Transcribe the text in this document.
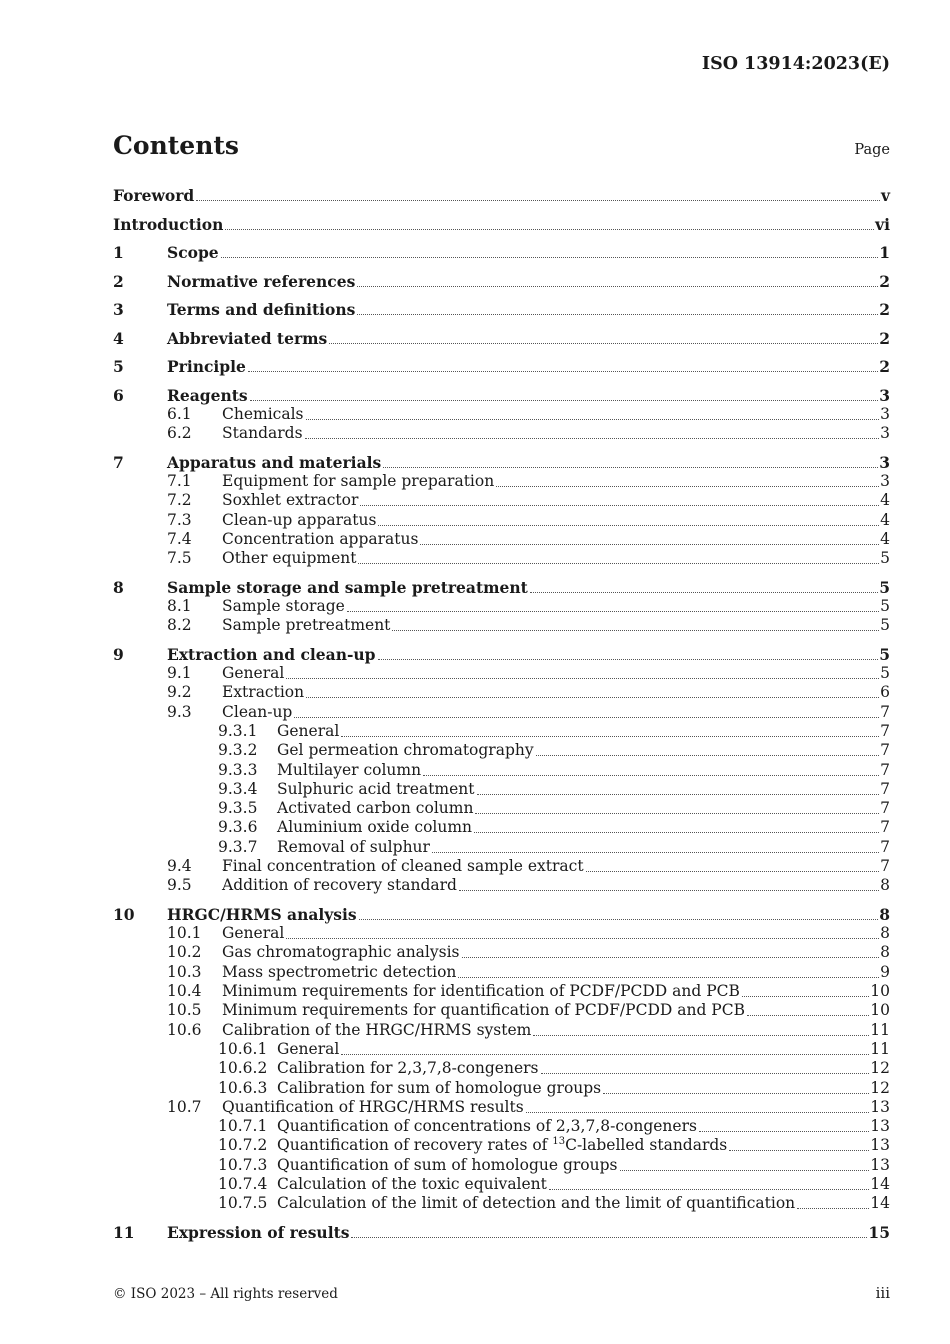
ISO 13914:2023(E)
Contents	Page
Foreword	v
Introduction	vi
1	Scope	1
2	Normative references	2
3	Terms and definitions	2
4	Abbreviated terms	2
5	Principle	2
6	Reagents	3
6.1	Chemicals	3
6.2	Standards	3
7	Apparatus and materials	3
7.1	Equipment for sample preparation	3
7.2	Soxhlet extractor	4
7.3	Clean-up apparatus	4
7.4	Concentration apparatus	4
7.5	Other equipment	5
8	Sample storage and sample pretreatment	5
8.1	Sample storage	5
8.2	Sample pretreatment	5
9	Extraction and clean-up	5
9.1	General	5
9.2	Extraction	6
9.3	Clean-up	7
9.3.1	General	7
9.3.2	Gel permeation chromatography	7
9.3.3	Multilayer column	7
9.3.4	Sulphuric acid treatment	7
9.3.5	Activated carbon column	7
9.3.6	Aluminium oxide column	7
9.3.7	Removal of sulphur	7
9.4	Final concentration of cleaned sample extract	7
9.5	Addition of recovery standard	8
10	HRGC/HRMS analysis	8
10.1	General	8
10.2	Gas chromatographic analysis	8
10.3	Mass spectrometric detection	9
10.4	Minimum requirements for identification of PCDF/PCDD and PCB	10
10.5	Minimum requirements for quantification of PCDF/PCDD and PCB	10
10.6	Calibration of the HRGC/HRMS system	11
10.6.1 General	11
10.6.2 Calibration for 2,3,7,8-congeners	12
10.6.3 Calibration for sum of homologue groups	12
10.7	Quantification of HRGC/HRMS results	13
10.7.1 Quantification of concentrations of 2,3,7,8-congeners	13
10.7.2 Quantification of recovery rates of $^{13}$C-labelled standards	13
10.7.3 Quantification of sum of homologue groups	13
10.7.4 Calculation of the toxic equivalent	14
10.7.5 Calculation of the limit of detection and the limit of quantification	14
11	Expression of results	15
© ISO 2023 – All rights reserved	iii
